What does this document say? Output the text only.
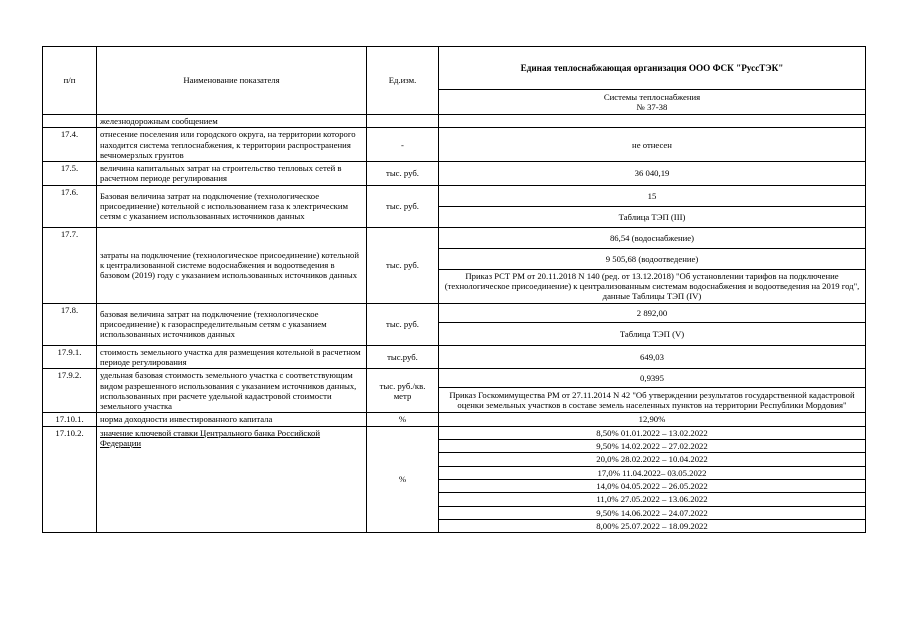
п/п	Наименование показателя	Ед.изм.	Единая теплоснабжающая организация ООО ФСК "РуссТЭК"

			Системы теплоснабжения
№ 37-38

	железнодорожным сообщением		
17.4.	отнесение поселения или городского округа, на территории которого находится система теплоснабжения, к территории распространения вечномерзлых грунтов	-	не отнесен
17.5.	величина капитальных затрат на строительство тепловых сетей в расчетном периоде регулирования	тыс. руб.	36 040,19
17.6.	Базовая величина затрат на подключение (технологическое присоединение) котельной с использованием газа к электрическим сетям с указанием использованных источников данных	тыс. руб.	15
			Таблица ТЭП (III)
17.7.	затраты на подключение (технологическое присоединение) котельной к централизованной системе водоснабжения и водоотведения в базовом (2019) году с указанием использованных источников данных	тыс. руб.	86,54 (водоснабжение)
			9 505,68 (водоотведение)
			Приказ РСТ РМ от 20.11.2018 N 140 (ред. от 13.12.2018) "Об установлении тарифов на подключение (технологическое присоединение) к централизованным системам водоснабжения и водоотведения на 2019 год", данные Таблицы ТЭП (IV)
17.8.	базовая величина затрат на подключение (технологическое присоединение) к газораспределительным сетям с указанием использованных источников данных	тыс. руб.	2 892,00
			Таблица ТЭП (V)
17.9.1.	стоимость земельного участка для размещения котельной в расчетном периоде регулирования	тыс.руб.	649,03
17.9.2.	удельная базовая стоимость земельного участка с соответствующим видом разрешенного использования с указанием источников данных, использованных при расчете удельной кадастровой стоимости земельного участка	тыс. руб./кв. метр	0,9395
			Приказ Госкомимущества РМ от 27.11.2014 N 42 "Об утверждении результатов государственной кадастровой оценки земельных участков в составе земель населенных пунктов на территории Республики Мордовия"
17.10.1.	норма доходности инвестированного капитала	%	12,90%
17.10.2.	значение ключевой ставки Центрального банка Российской Федерации	%	8,50% 01.01.2022 – 13.02.2022
			9,50% 14.02.2022 – 27.02.2022
			20,0% 28.02.2022 – 10.04.2022
			17,0% 11.04.2022– 03.05.2022
			14,0% 04.05.2022 – 26.05.2022
			11,0% 27.05.2022 – 13.06.2022
			9,50% 14.06.2022 – 24.07.2022
			8,00% 25.07.2022 – 18.09.2022
